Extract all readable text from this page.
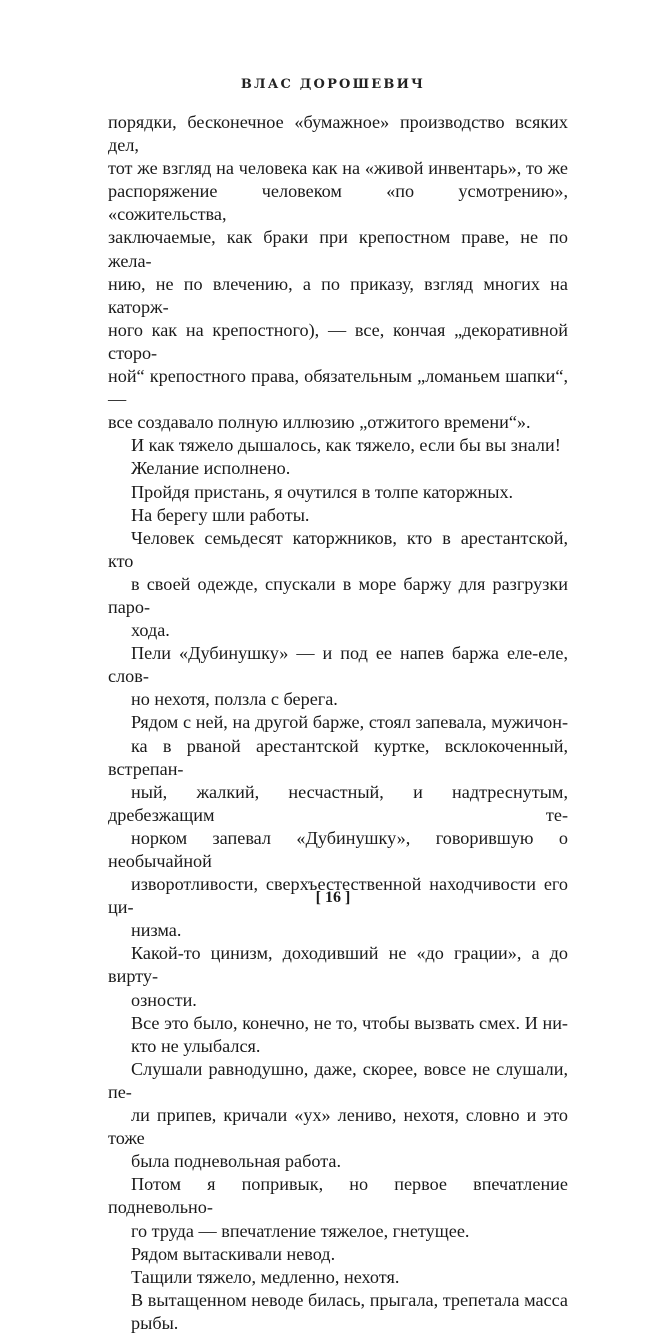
ВЛАС ДОРОШЕВИЧ

порядки, бесконечное «бумажное» производство всяких дел,
тот же взгляд на человека как на «живой инвентарь», то же
распоряжение человеком «по усмотрению», «сожительства,
заключаемые, как браки при крепостном праве, не по жела-
нию, не по влечению, а по приказу, взгляд многих на каторж-
ного как на крепостного), — все, кончая „декоративной сторо-
ной“ крепостного права, обязательным „ломаньем шапки“, —
все создавало полную иллюзию „отжитого времени“».

И как тяжело дышалось, как тяжело, если бы вы знали!

Желание исполнено.

Пройдя пристань, я очутился в толпе каторжных.

На берегу шли работы.

Человек семьдесят каторжников, кто в арестантской, кто
в своей одежде, спускали в море баржу для разгрузки паро-
хода.

Пели «Дубинушку» — и под ее напев баржа еле-еле, слов-
но нехотя, ползла с берега.

Рядом с ней, на другой барже, стоял запевала, мужичон-
ка в рваной арестантской куртке, всклокоченный, встрепан-
ный, жалкий, несчастный, и надтреснутым, дребезжащим те-
норком запевал «Дубинушку», говорившую о необычайной
изворотливости, сверхъестественной находчивости его ци-
низма.

Какой-то цинизм, доходивший не «до грации», а до вирту-
озности.

Все это было, конечно, не то, чтобы вызвать смех. И ни-
кто не улыбался.

Слушали равнодушно, даже, скорее, вовсе не слушали, пе-
ли припев, кричали «ух» лениво, нехотя, словно и это тоже
была подневольная работа.

Потом я попривык, но первое впечатление подневольно-
го труда — впечатление тяжелое, гнетущее.

Рядом вытаскивали невод.

Тащили тяжело, медленно, нехотя.

В вытащенном неводе билась, прыгала, трепетала масса
рыбы.

[ 16 ]
